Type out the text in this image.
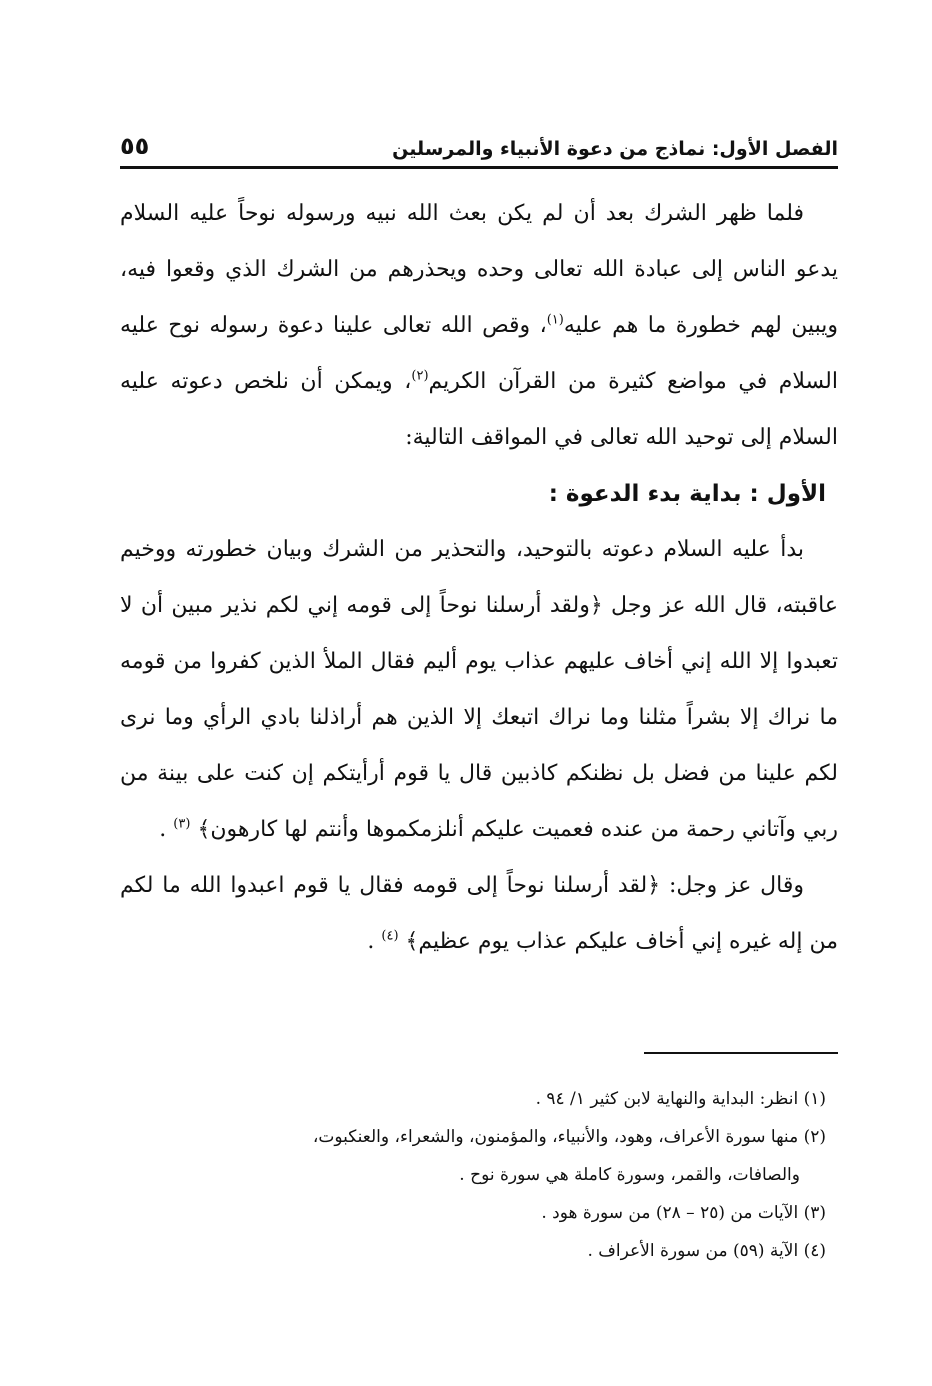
الفصل الأول: نماذج من دعوة الأنبياء والمرسلين
٥٥

فلما ظهر الشرك بعد أن لم يكن بعث الله نبيه ورسوله نوحاً عليه السلام يدعو الناس إلى عبادة الله تعالى وحده ويحذرهم من الشرك الذي وقعوا فيه، ويبين لهم خطورة ما هم عليه$^{(١)}$، وقص الله تعالى علينا دعوة رسوله نوح عليه السلام في مواضع كثيرة من القرآن الكريم$^{(٢)}$، ويمكن أن نلخص دعوته عليه السلام إلى توحيد الله تعالى في المواقف التالية:

الأول : بداية بدء الدعوة :

بدأ عليه السلام دعوته بالتوحيد، والتحذير من الشرك وبيان خطورته ووخيم عاقبته، قال الله عز وجل ﴿ولقد أرسلنا نوحاً إلى قومه إني لكم نذير مبين أن لا تعبدوا إلا الله إني أخاف عليهم عذاب يوم أليم فقال الملأ الذين كفروا من قومه ما نراك إلا بشراً مثلنا وما نراك اتبعك إلا الذين هم أراذلنا بادي الرأي وما نرى لكم علينا من فضل بل نظنكم كاذبين قال يا قوم أرأيتكم إن كنت على بينة من ربي وآتاني رحمة من عنده فعميت عليكم أنلزمكموها وأنتم لها كارهون﴾ $^{(٣)}$ .

وقال عز وجل: ﴿لقد أرسلنا نوحاً إلى قومه فقال يا قوم اعبدوا الله ما لكم من إله غيره إني أخاف عليكم عذاب يوم عظيم﴾ $^{(٤)}$ .

(١) انظر: البداية والنهاية لابن كثير ١/ ٩٤ .

(٢) منها سورة الأعراف، وهود، والأنبياء، والمؤمنون، والشعراء، والعنكبوت،

والصافات، والقمر، وسورة كاملة هي سورة نوح .

(٣) الآيات من (٢٥ – ٢٨) من سورة هود .

(٤) الآية (٥٩) من سورة الأعراف .
